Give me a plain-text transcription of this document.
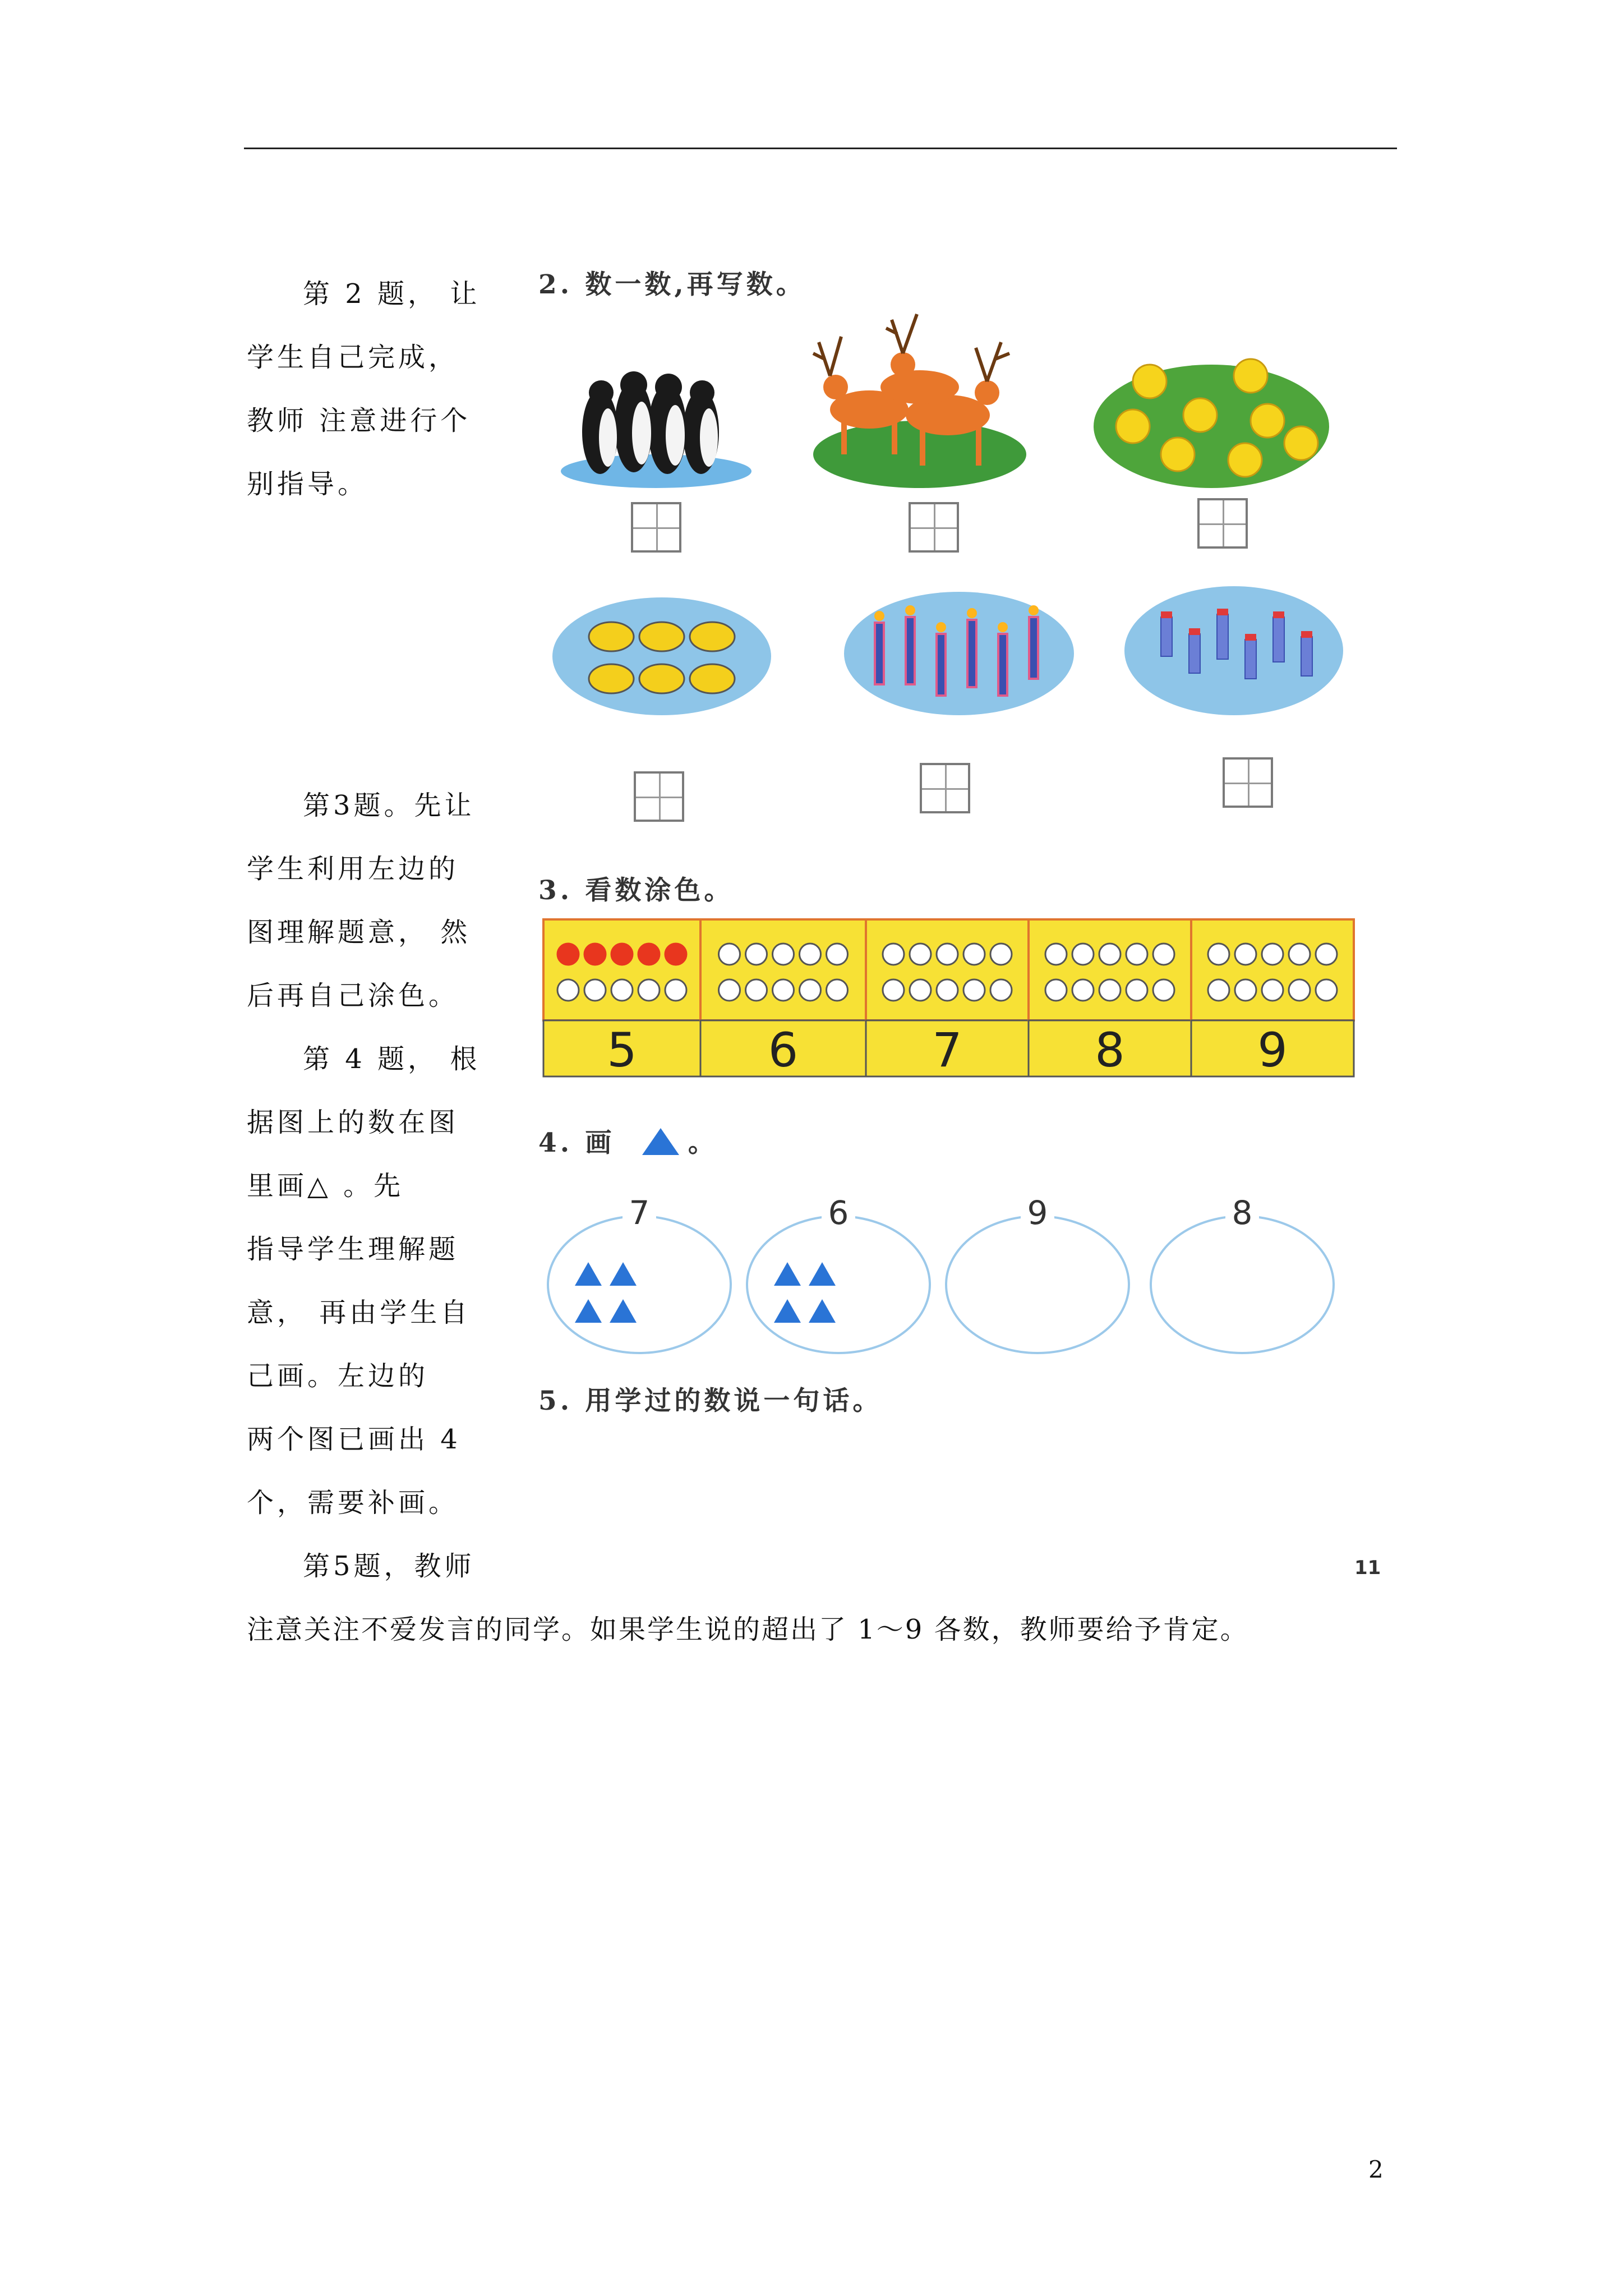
第 2 题， 让
学生自己完成，
教师 注意进行个
别指导。
第3题。先让
学生利用左边的
图理解题意， 然
后再自己涂色。
第 4 题， 根
据图上的数在图
里画△ 。先
指导学生理解题
意， 再由学生自
己画。左边的
两个图已画出 4
个，需要补画。
第5题，教师
注意关注不爱发言的同学。如果学生说的超出了 1～9 各数，教师要给予肯定。
2. 数一数,再写数。
3. 看数涂色。
5	6	7	8	9
4. 画	。
7	6	9	8
5. 用学过的数说一句话。
11
2
